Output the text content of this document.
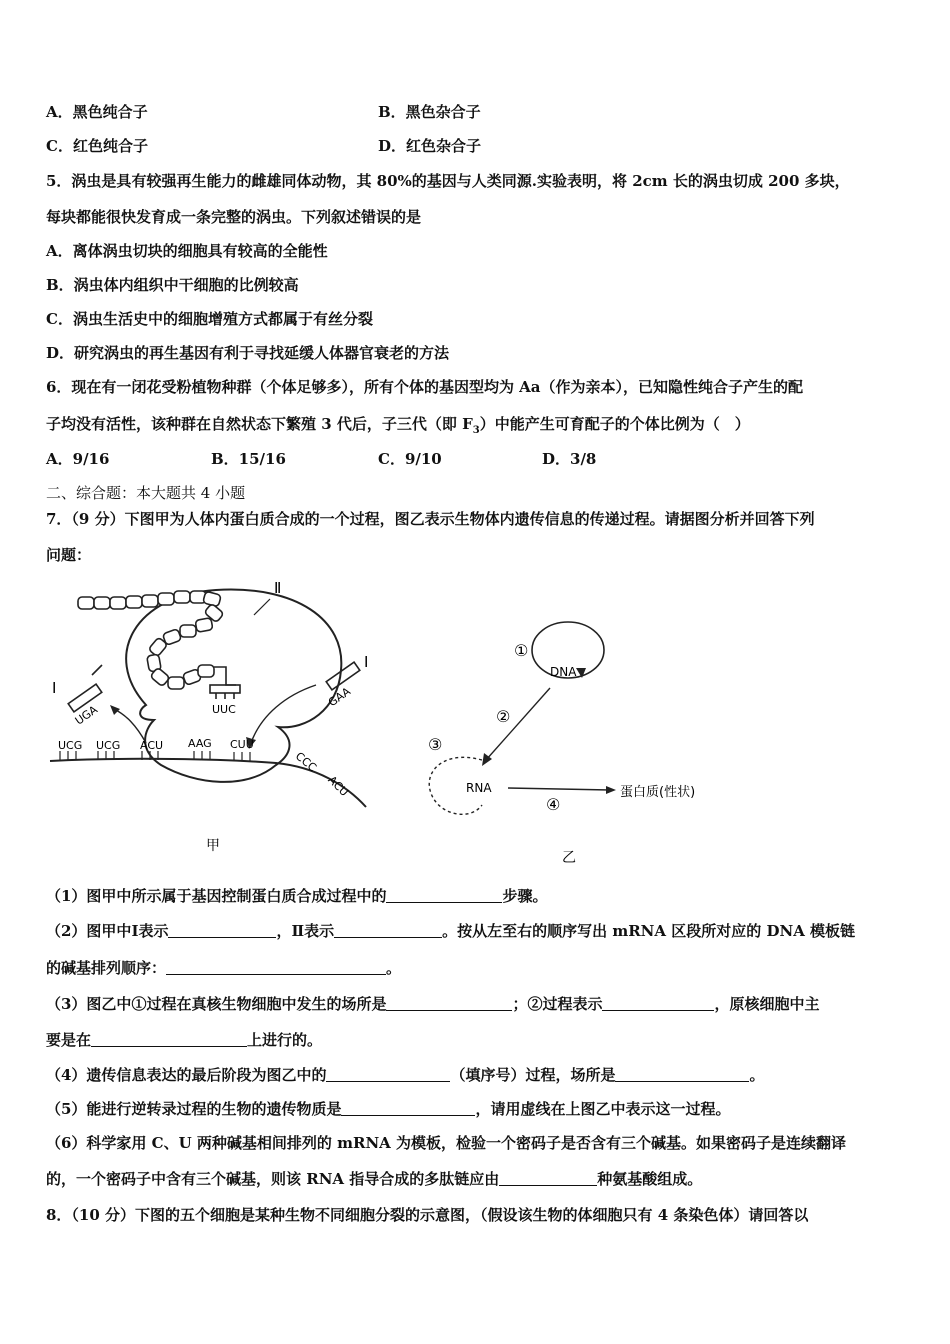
A．黑色纯合子	B．黑色杂合子
C．红色纯合子	D．红色杂合子
5．涡虫是具有较强再生能力的雌雄同体动物，其 80%的基因与人类同源.实验表明，将 2cm 长的涡虫切成 200 多块，
每块都能很快发育成一条完整的涡虫。下列叙述错误的是
A．离体涡虫切块的细胞具有较高的全能性
B．涡虫体内组织中干细胞的比例较高
C．涡虫生活史中的细胞增殖方式都属于有丝分裂
D．研究涡虫的再生基因有利于寻找延缓人体器官衰老的方法
6．现在有一闭花受粉植物种群（个体足够多），所有个体的基因型均为 Aa（作为亲本），已知隐性纯合子产生的配
子均没有活性，该种群在自然状态下繁殖 3 代后，子三代（即 $F_3$）中能产生可育配子的个体比例为（　）
A．9/16	B．15/16	C．9/10	D．3/8
二、综合题：本大题共 4 小题
7．（9 分）下图甲为人体内蛋白质合成的一个过程，图乙表示生物体内遗传信息的传递过程。请据图分析并回答下列
问题：
UUC
Ⅱ
UGA
Ⅰ	GAA
Ⅰ
UCG UCG ACU AAG CUU
CCC
ACU
甲
①
DNA
②
③
RNA
④
蛋白质(性状)
乙
（1）图甲中所示属于基因控制蛋白质合成过程中的	步骤。
（2）图甲中Ⅰ表示	，Ⅱ表示	。按从左至右的顺序写出 mRNA 区段所对应的 DNA 模板链
的碱基排列顺序：	。
（3）图乙中①过程在真核生物细胞中发生的场所是	；②过程表示	，原核细胞中主
要是在	上进行的。
（4）遗传信息表达的最后阶段为图乙中的	（填序号）过程，场所是	。
（5）能进行逆转录过程的生物的遗传物质是	，请用虚线在上图乙中表示这一过程。
（6）科学家用 C、U 两种碱基相间排列的 mRNA 为模板，检验一个密码子是否含有三个碱基。如果密码子是连续翻译
的，一个密码子中含有三个碱基，则该 RNA 指导合成的多肽链应由	种氨基酸组成。
8．（10 分）下图的五个细胞是某种生物不同细胞分裂的示意图，（假设该生物的体细胞只有 4 条染色体）请回答以
